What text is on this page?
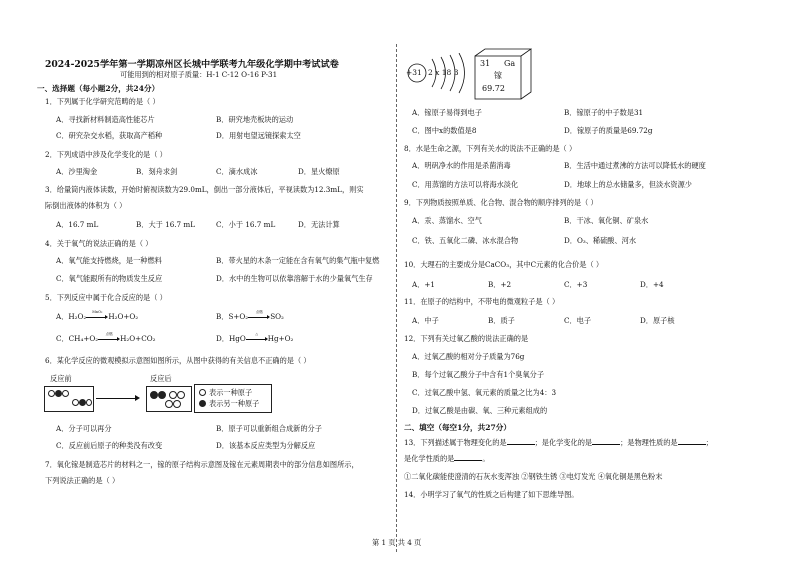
2024-2025学年第一学期凉州区长城中学联考九年级化学期中考试试卷
可能用到的相对原子质量：H-1 C-12 O-16 P-31
一、选择题（每小题2分，共24分）
1．下列属于化学研究范畴的是（ ）
A．寻找新材料制造高性能芯片	B．研究地壳板块的运动
C．研究杂交水稻，获取高产稻种	D．用射电望远镜探索太空
2．下列成语中涉及化学变化的是（ ）
A．沙里淘金	B．刻舟求剑	C．滴水成冰	D．星火燎原
3．给量筒内液体读数，开始时俯视读数为29.0mL，倒出一部分液体后，平视读数为12.3mL，则实
际倒出液体的体积为（ ）
A．16.7 mL	B．大于 16.7 mL	C．小于 16.7 mL	D．无法计算
4．关于氧气的说法正确的是（ ）
A．氧气能支持燃烧，是一种燃料	B．带火星的木条一定能在含有氧气的集气瓶中复燃
C．氧气能跟所有的物质发生反应	D．水中的生物可以依靠溶解于水的少量氧气生存
5．下列反应中属于化合反应的是（ ）
A．H₂O₂	MnO₂ H₂O+O₂	B．S+O₂	点燃	SO₂
C．CH₄+O₂	点燃	H₂O+CO₂	D．HgO	△	Hg+O₂
6．某化学反应的微观模拟示意图如图所示，从图中获得的有关信息不正确的是（ ）
反应前	反应后
表示一种原子
表示另一种原子
A．分子可以再分	B．原子可以重新组合成新的分子
C．反应前后原子的种类没有改变	D．该基本反应类型为分解反应
7．氧化镓是制造芯片的材料之一，镓的原子结构示意图及镓在元素周期表中的部分信息如图所示，
下列说法正确的是（ ）
+31 2 x 18 3
31 Ga
镓
69.72
A．镓原子易得到电子	B．镓原子的中子数是31
C．图中x的数值是8	D．镓原子的质量是69.72g
8．水是生命之源，下列有关水的说法不正确的是（ ）
A．明矾净水的作用是杀菌消毒	B．生活中通过煮沸的方法可以降低水的硬度
C．用蒸馏的方法可以将海水淡化	D．地球上的总水储量多，但淡水资源少
9．下列物质按照单质、化合物、混合物的顺序排列的是（ ）
A．汞、蒸馏水、空气	B．干冰、氧化铜、矿泉水
C．铁、五氧化二磷、冰水混合物	D．O₃、稀硫酸、河水
10．大理石的主要成分是CaCO₃，其中C元素的化合价是（ ）
A．+1	B．+2	C．+3	D．+4
11．在原子的结构中，不带电的微观粒子是（ ）
A．中子	B．质子	C．电子	D．原子核
12．下列有关过氧乙酸的说法正确的是
A．过氧乙酸的相对分子质量为76g
B．每个过氧乙酸分子中含有1个臭氧分子
C．过氧乙酸中氢、氧元素的质量之比为4：3
D．过氧乙酸是由碳、氧、三种元素组成的
二、填空（每空1分，共27分）
13．下列描述属于物理变化的是	；是化学变化的是	；是物理性质的是	；
是化学性质的是	。
①二氧化碳能使澄清的石灰水变浑浊 ②钢铁生锈 ③电灯发光 ④氧化铜是黑色粉末
14．小明学习了氧气的性质之后构建了如下思维导图。
第 1 页 共 4 页
